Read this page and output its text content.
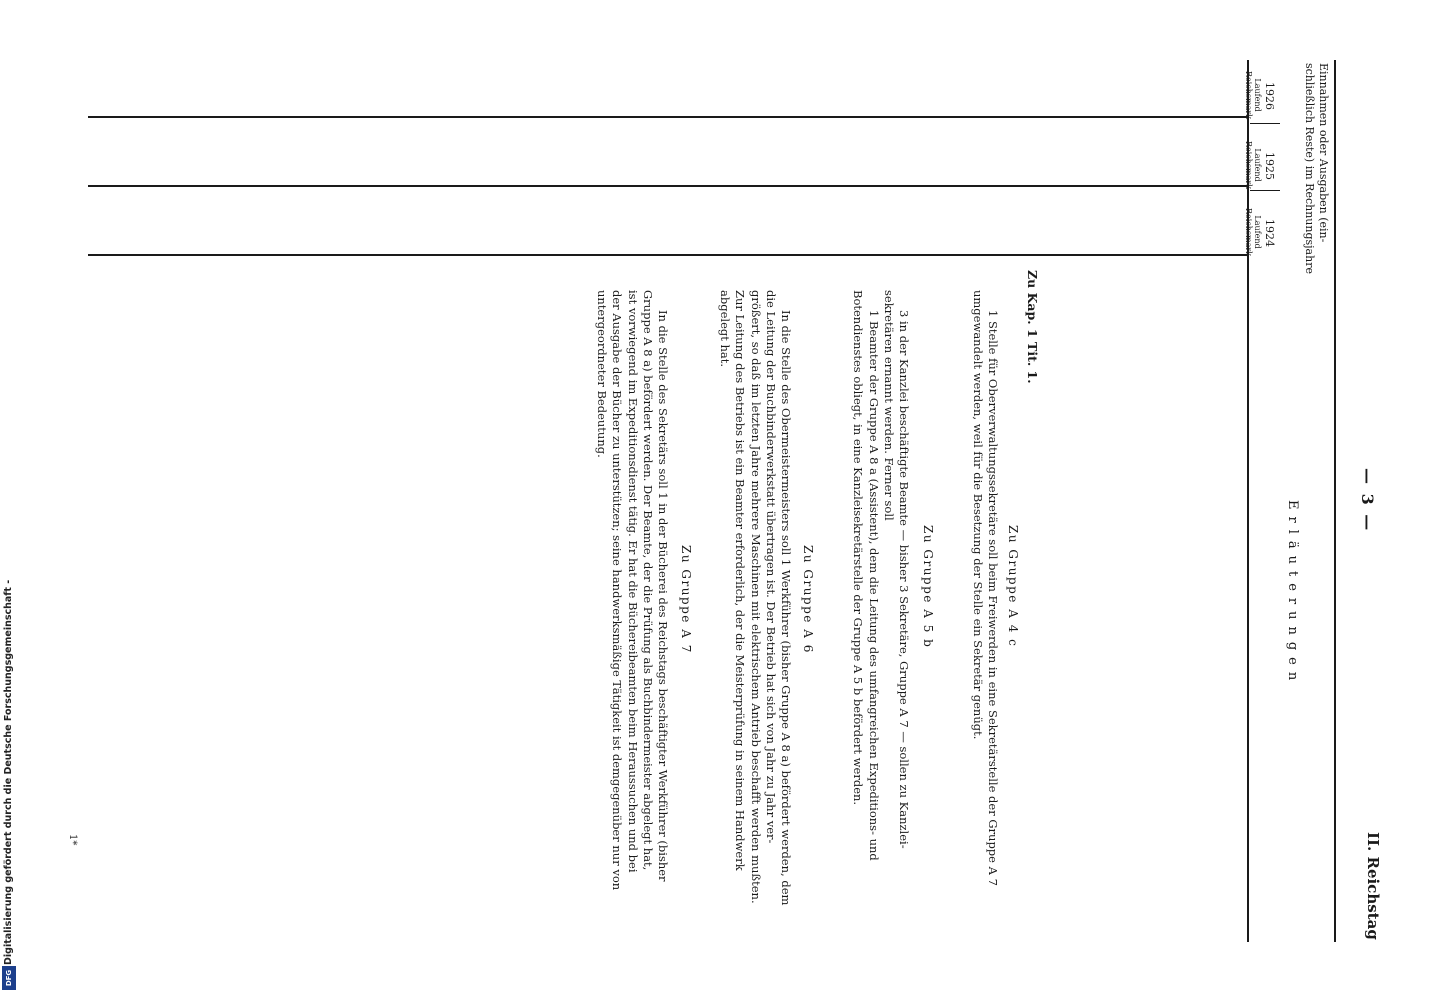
II. Reichstag
— 3 —
Erläuterungen
Einnahmen oder Ausgaben (ein-
schließlich Reste) im Rechnungsjahre
1926
Laufend
Reichsmark
1925
Laufend
Reichsmark
1924
Laufend
Reichsmark
Zu Kap. 1 Tit. 1.
Zu Gruppe A 4 c
1 Stelle für Oberverwaltungssekretäre soll beim Freiwerden in eine Sekretärstelle der Gruppe A 7
umgewandelt werden, weil für die Besetzung der Stelle ein Sekretär genügt.
Zu Gruppe A 5 b
3 in der Kanzlei beschäftigte Beamte — bisher 3 Sekretäre, Gruppe A 7 — sollen zu Kanzlei-
sekretären ernannt werden. Ferner soll
1 Beamter der Gruppe A 8 a (Assistent), dem die Leitung des umfangreichen Expeditions- und
Botendienstes obliegt, in eine Kanzleisekretärstelle der Gruppe A 5 b befördert werden.
Zu Gruppe A 6
In die Stelle des Obermeistermeisters soll 1 Werkführer (bisher Gruppe A 8 a) befördert werden, dem
die Leitung der Buchbinderwerkstatt übertragen ist. Der Betrieb hat sich von Jahr zu Jahr ver-
größert, so daß im letzten Jahre mehrere Maschinen mit elektrischem Antrieb beschafft werden mußten.
Zur Leitung des Betriebs ist ein Beamter erforderlich, der die Meisterprüfung in seinem Handwerk
abgelegt hat.
Zu Gruppe A 7
In die Stelle des Sekretärs soll 1 in der Bücherei des Reichstags beschäftigter Werkführer (bisher
Gruppe A 8 a) befördert werden. Der Beamte, der die Prüfung als Buchbindermeister abgelegt hat,
ist vorwiegend im Expeditionsdienst tätig. Er hat die Büchereibeamten beim Heraussuchen und bei
der Ausgabe der Bücher zu unterstützen; seine handwerksmäßige Tätigkeit ist demgegenüber nur von
untergeordneter Bedeutung.
1*
Digitalisierung gefördert durch die Deutsche Forschungsgemeinschaft -
DFG
